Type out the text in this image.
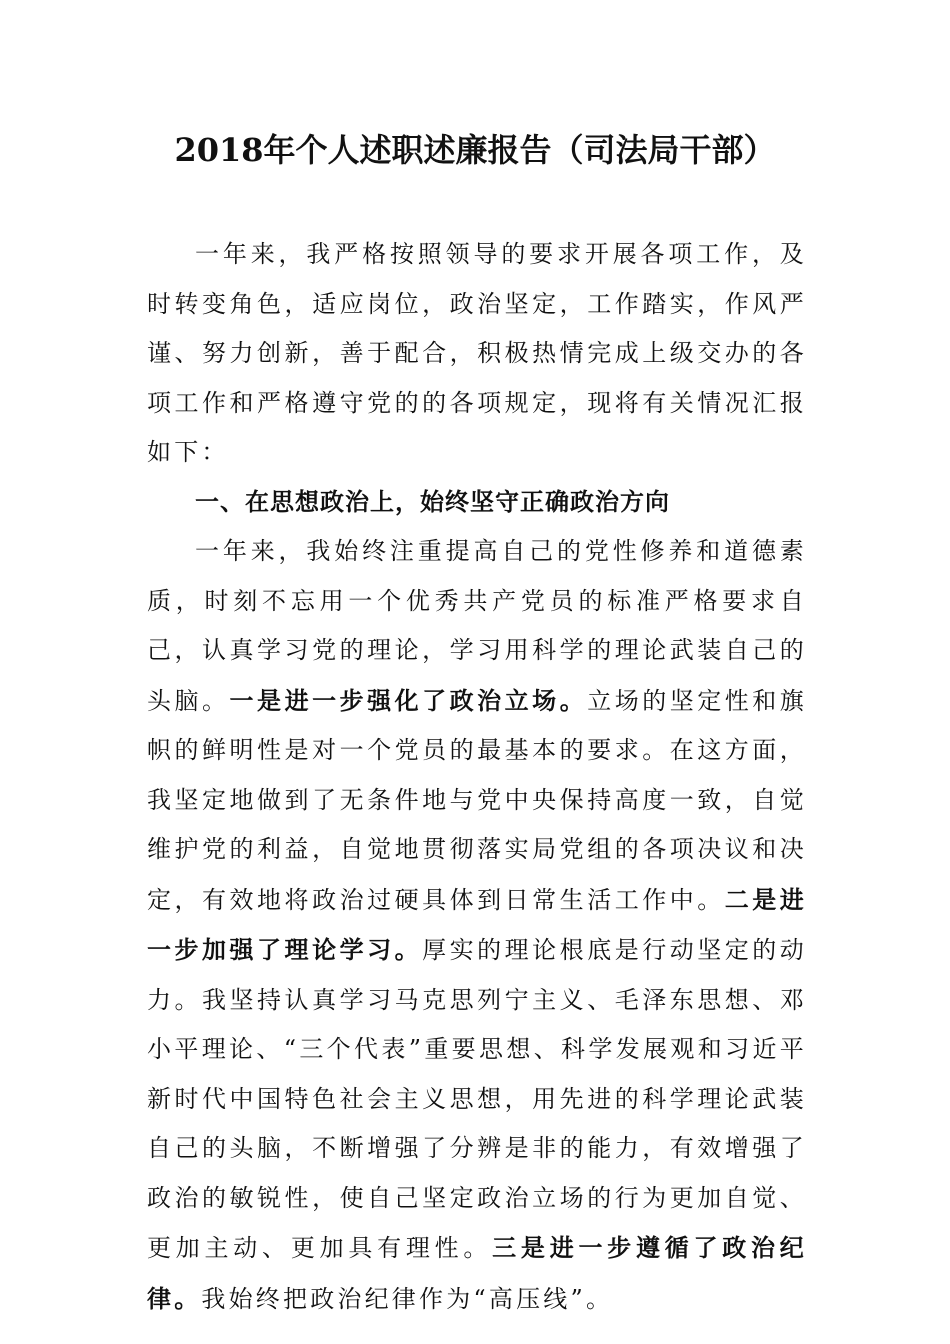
2018年个人述职述廉报告（司法局干部）

一年来，我严格按照领导的要求开展各项工作，及时转变角色，适应岗位，政治坚定，工作踏实，作风严谨、努力创新，善于配合，积极热情完成上级交办的各项工作和严格遵守党的的各项规定，现将有关情况汇报如下：

一、在思想政治上，始终坚守正确政治方向

一年来，我始终注重提高自己的党性修养和道德素质，时刻不忘用一个优秀共产党员的标准严格要求自己，认真学习党的理论，学习用科学的理论武装自己的头脑。一是进一步强化了政治立场。立场的坚定性和旗帜的鲜明性是对一个党员的最基本的要求。在这方面，我坚定地做到了无条件地与党中央保持高度一致，自觉维护党的利益，自觉地贯彻落实局党组的各项决议和决定，有效地将政治过硬具体到日常生活工作中。二是进一步加强了理论学习。厚实的理论根底是行动坚定的动力。我坚持认真学习马克思列宁主义、毛泽东思想、邓小平理论、“三个代表”重要思想、科学发展观和习近平新时代中国特色社会主义思想，用先进的科学理论武装自己的头脑，不断增强了分辨是非的能力，有效增强了政治的敏锐性，使自己坚定政治立场的行为更加自觉、更加主动、更加具有理性。三是进一步遵循了政治纪律。我始终把政治纪律作为“高压线”。
